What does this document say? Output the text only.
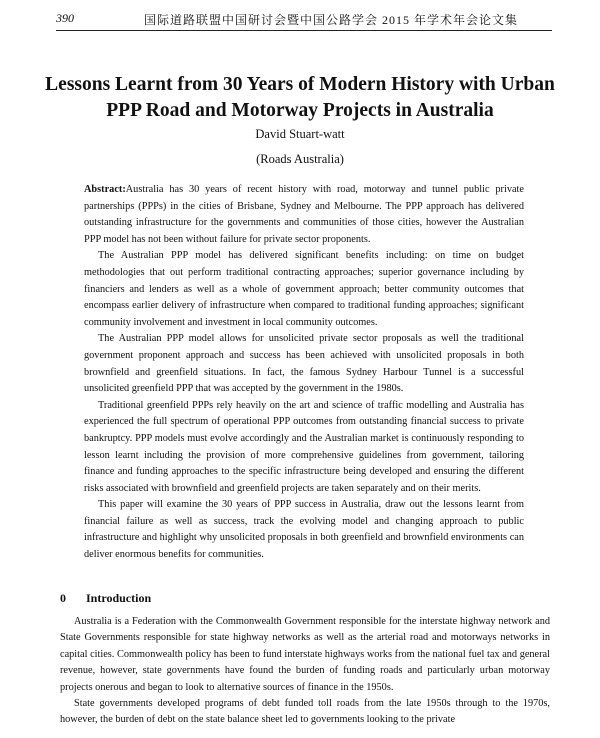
390	国际道路联盟中国研讨会暨中国公路学会 2015 年学术年会论文集
Lessons Learnt from 30 Years of Modern History with Urban PPP Road and Motorway Projects in Australia
David Stuart-watt
(Roads Australia)

Abstract:Australia has 30 years of recent history with road, motorway and tunnel public private partnerships (PPPs) in the cities of Brisbane, Sydney and Melbourne. The PPP approach has delivered outstanding infrastructure for the governments and communities of those cities, however the Australian PPP model has not been without failure for private sector proponents.

The Australian PPP model has delivered significant benefits including: on time on budget methodologies that out perform traditional contracting approaches; superior governance including by financiers and lenders as well as a whole of government approach; better community outcomes that encompass earlier delivery of infrastructure when compared to traditional funding approaches; significant community involvement and investment in local community outcomes.

The Australian PPP model allows for unsolicited private sector proposals as well the traditional government proponent approach and success has been achieved with unsolicited proposals in both brownfield and greenfield situations. In fact, the famous Sydney Harbour Tunnel is a successful unsolicited greenfield PPP that was accepted by the government in the 1980s.

Traditional greenfield PPPs rely heavily on the art and science of traffic modelling and Australia has experienced the full spectrum of operational PPP outcomes from outstanding financial success to private bankruptcy. PPP models must evolve accordingly and the Australian market is continuously responding to lesson learnt including the provision of more comprehensive guidelines from government, tailoring finance and funding approaches to the specific infrastructure being developed and ensuring the different risks associated with brownfield and greenfield projects are taken separately and on their merits.

This paper will examine the 30 years of PPP success in Australia, draw out the lessons learnt from financial failure as well as success, track the evolving model and changing approach to public infrastructure and highlight why unsolicited proposals in both greenfield and brownfield environments can deliver enormous benefits for communities.

0 Introduction

Australia is a Federation with the Commonwealth Government responsible for the interstate highway network and State Governments responsible for state highway networks as well as the arterial road and motorways networks in capital cities. Commonwealth policy has been to fund interstate highways works from the national fuel tax and general revenue, however, state governments have found the burden of funding roads and particularly urban motorway projects onerous and began to look to alternative sources of finance in the 1950s.

State governments developed programs of debt funded toll roads from the late 1950s through to the 1970s, however, the burden of debt on the state balance sheet led to governments looking to the private
